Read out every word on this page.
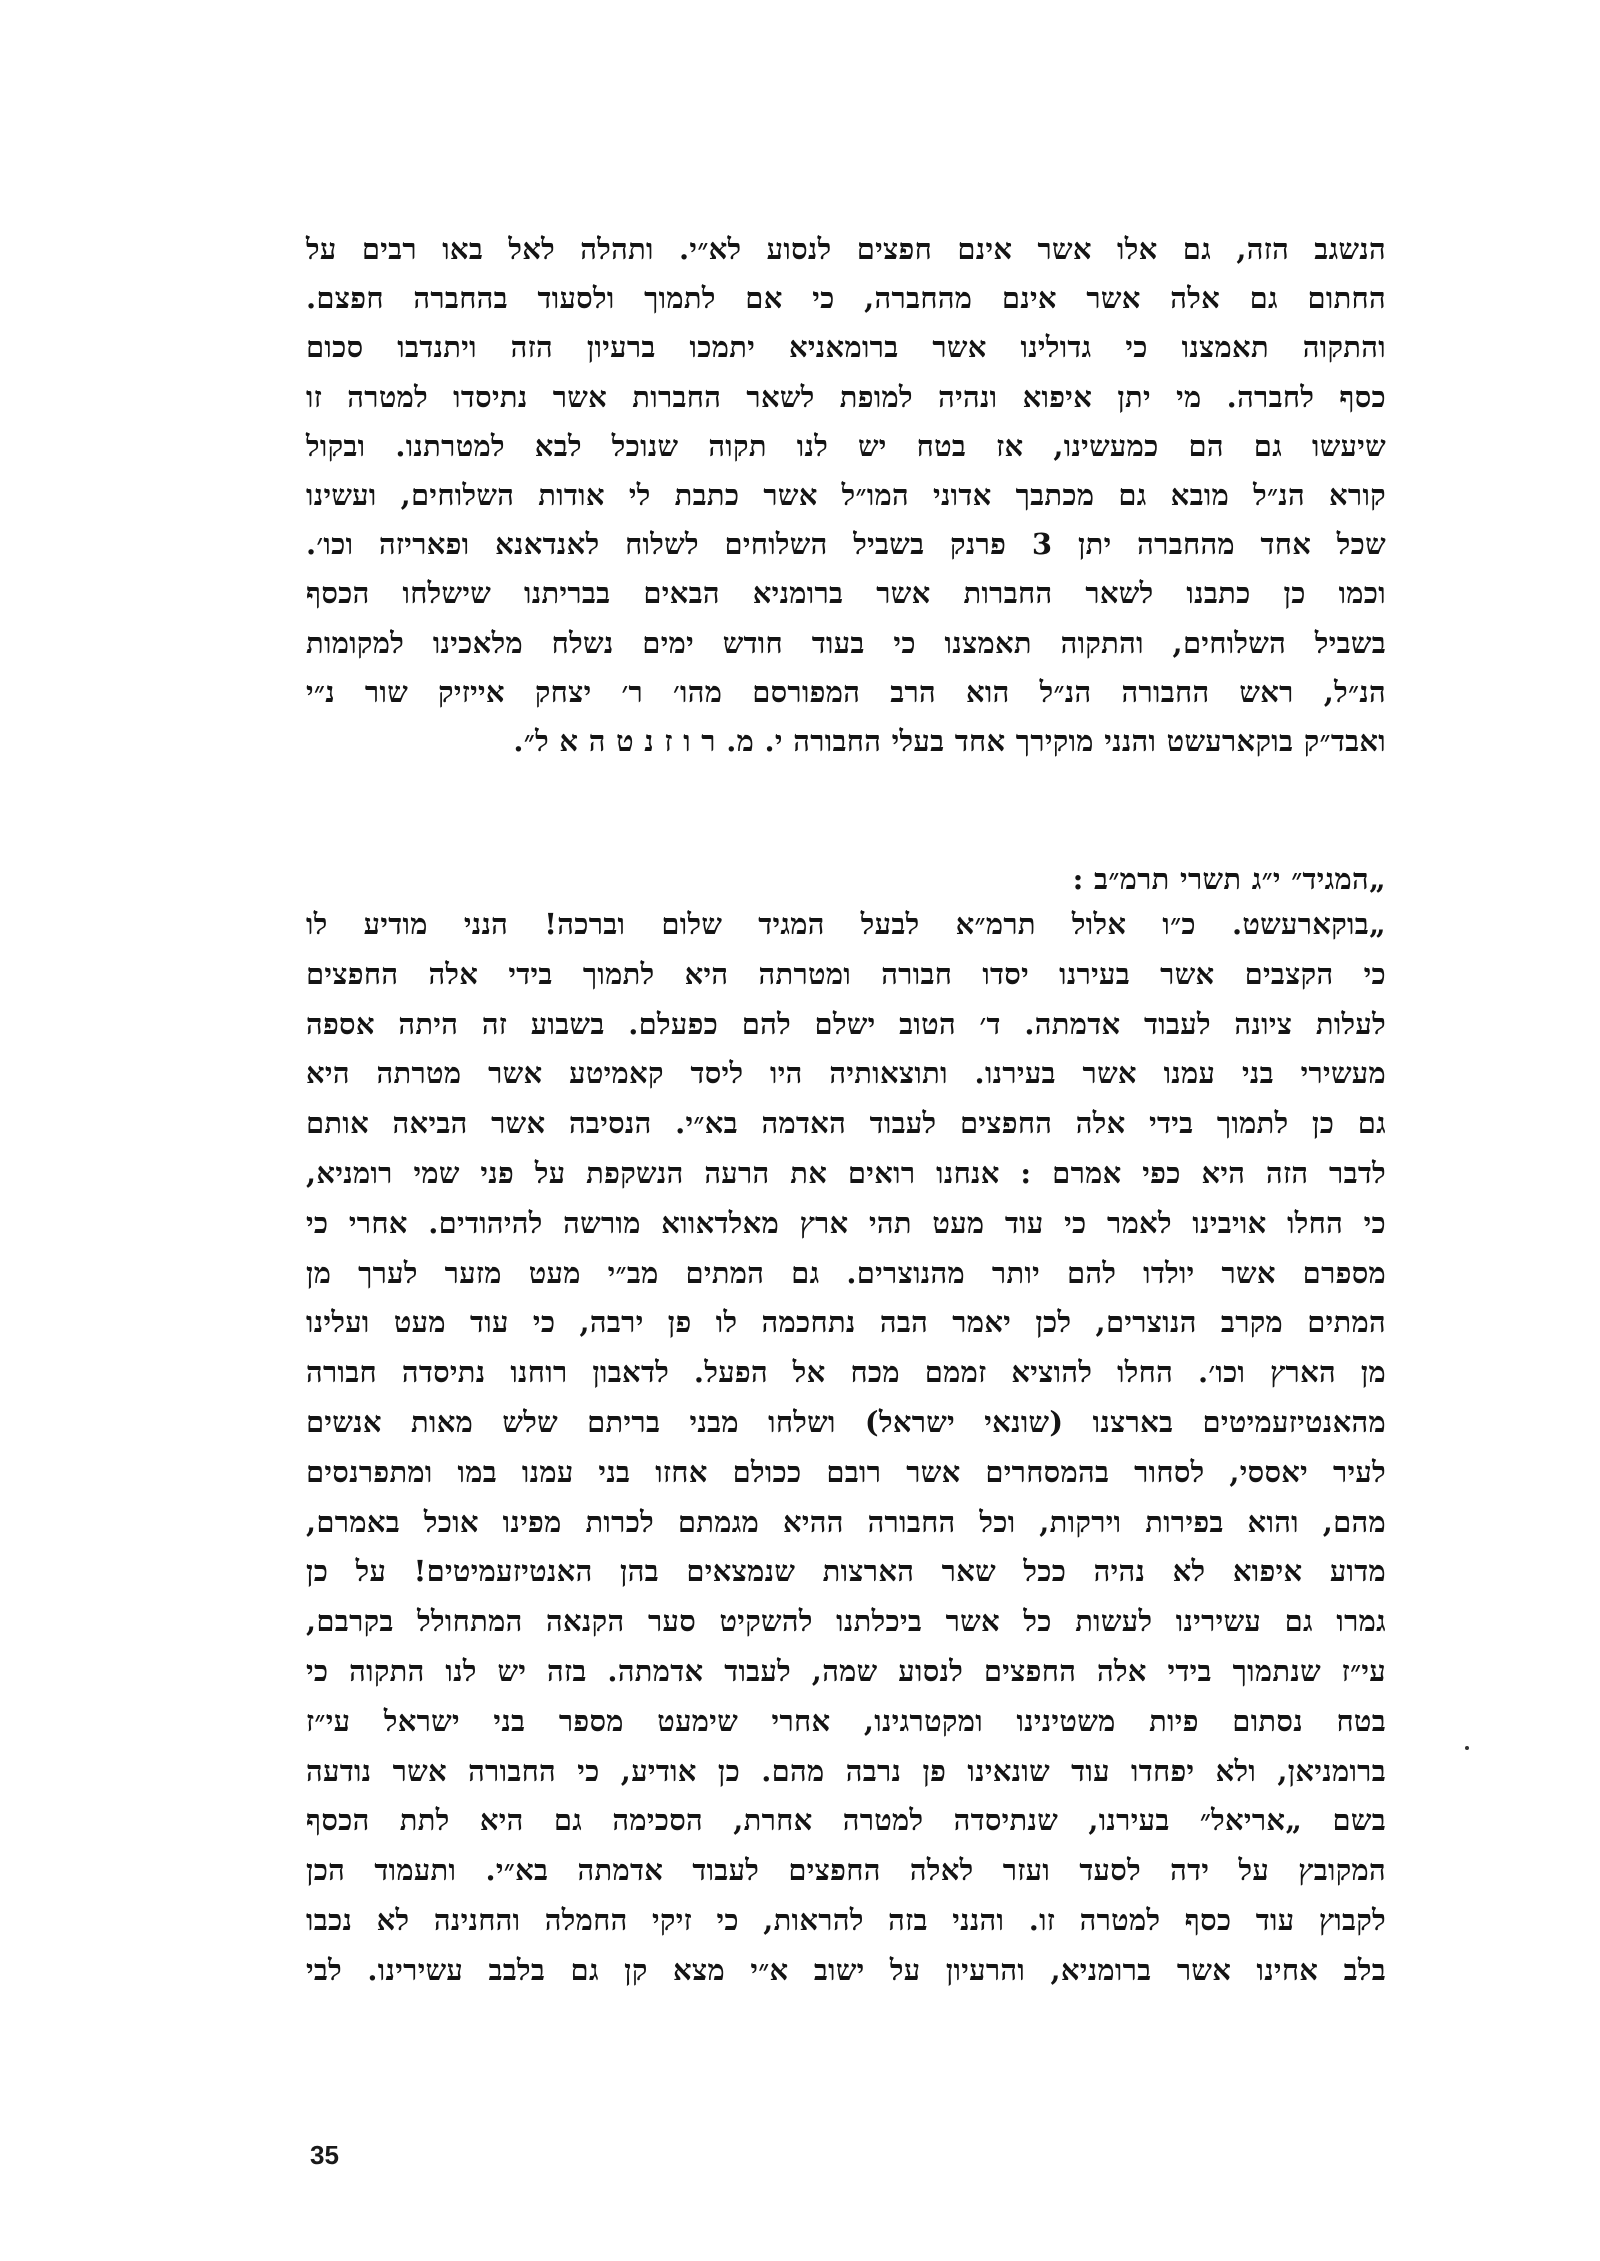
הנשגב הזה, גם אלו אשר אינם חפצים לנסוע לא״י. ותהלה לאל באו רבים על
החתום גם אלה אשר אינם מהחברה, כי אם לתמוך ולסעוד בהחברה חפצם.
והתקוה תאמצנו כי גדולינו אשר ברומאניא יתמכו ברעיון הזה ויתנדבו סכום
כסף לחברה. מי יתן איפוא ונהיה למופת לשאר החברות אשר נתיסדו למטרה זו
שיעשו גם הם כמעשינו, אז בטח יש לנו תקוה שנוכל לבא למטרתנו. ובקול
קורא הנ״ל מובא גם מכתבך אדוני המו״ל אשר כתבת לי אודות השלוחים, ועשינו
שכל אחד מהחברה יתן 3 פרנק בשביל השלוחים לשלוח לאנדאנא ופאריזה וכו׳.
וכמו כן כתבנו לשאר החברות אשר ברומניא הבאים בבריתנו שישלחו הכסף
בשביל השלוחים, והתקוה תאמצנו כי בעוד חודש ימים נשלח מלאכינו למקומות
הנ״ל, ראש החבורה הנ״ל הוא הרב המפורסם מהו׳ ר׳ יצחק אייזיק שור נ״י
ואבד״ק בוקארעשט והנני מוקירך אחד בעלי החבורה י. מ. ר ו ז נ ט ה א ל״.
„המגיד״ י״ג תשרי תרמ״ב :
„בוקארעשט. כ״ו אלול תרמ״א לבעל המגיד שלום וברכה! הנני מודיע לו
כי הקצבים אשר בעירנו יסדו חבורה ומטרתה היא לתמוך בידי אלה החפצים
לעלות ציונה לעבוד אדמתה. ד׳ הטוב ישלם להם כפעלם. בשבוע זה היתה אספה
מעשירי בני עמנו אשר בעירנו. ותוצאותיה היו ליסד קאמיטע אשר מטרתה היא
גם כן לתמוך בידי אלה החפצים לעבוד האדמה בא״י. הנסיבה אשר הביאה אותם
לדבר הזה היא כפי אמרם : אנחנו רואים את הרעה הנשקפת על פני שמי רומניא,
כי החלו אויבינו לאמר כי עוד מעט תהי ארץ מאלדאווא מורשה להיהודים. אחרי כי
מספרם אשר יולדו להם יותר מהנוצרים. גם המתים מב״י מעט מזער לערך מן
המתים מקרב הנוצרים, לכן יאמר הבה נתחכמה לו פן ירבה, כי עוד מעט ועלינו
מן הארץ וכו׳. החלו להוציא זממם מכח אל הפעל. לדאבון רוחנו נתיסדה חבורה
מהאנטיזעמיטים בארצנו (שונאי ישראל) ושלחו מבני בריתם שלש מאות אנשים
לעיר יאססי, לסחור בהמסחרים אשר רובם ככולם אחזו בני עמנו במו ומתפרנסים
מהם, והוא בפירות וירקות, וכל החבורה ההיא מגמתם לכרות מפינו אוכל באמרם,
מדוע איפוא לא נהיה ככל שאר הארצות שנמצאים בהן האנטיזעמיטים! על כן
גמרו גם עשירינו לעשות כל אשר ביכלתנו להשקיט סער הקנאה המתחולל בקרבם,
עי״ז שנתמוך בידי אלה החפצים לנסוע שמה, לעבוד אדמתה. בזה יש לנו התקוה כי
בטח נסתום פיות משטינינו ומקטרגינו, אחרי שימעט מספר בני ישראל עי״ז
ברומניאן, ולא יפחדו עוד שונאינו פן נרבה מהם. כן אודיע, כי החבורה אשר נודעה
בשם „אריאל״ בעירנו, שנתיסדה למטרה אחרת, הסכימה גם היא לתת הכסף
המקובץ על ידה לסעד ועזר לאלה החפצים לעבוד אדמתה בא״י. ותעמוד הכן
לקבוץ עוד כסף למטרה זו. והנני בזה להראות, כי זיקי החמלה והחנינה לא נכבו
בלב אחינו אשר ברומניא, והרעיון על ישוב א״י מצא קן גם בלבב עשירינו. לבי
35
